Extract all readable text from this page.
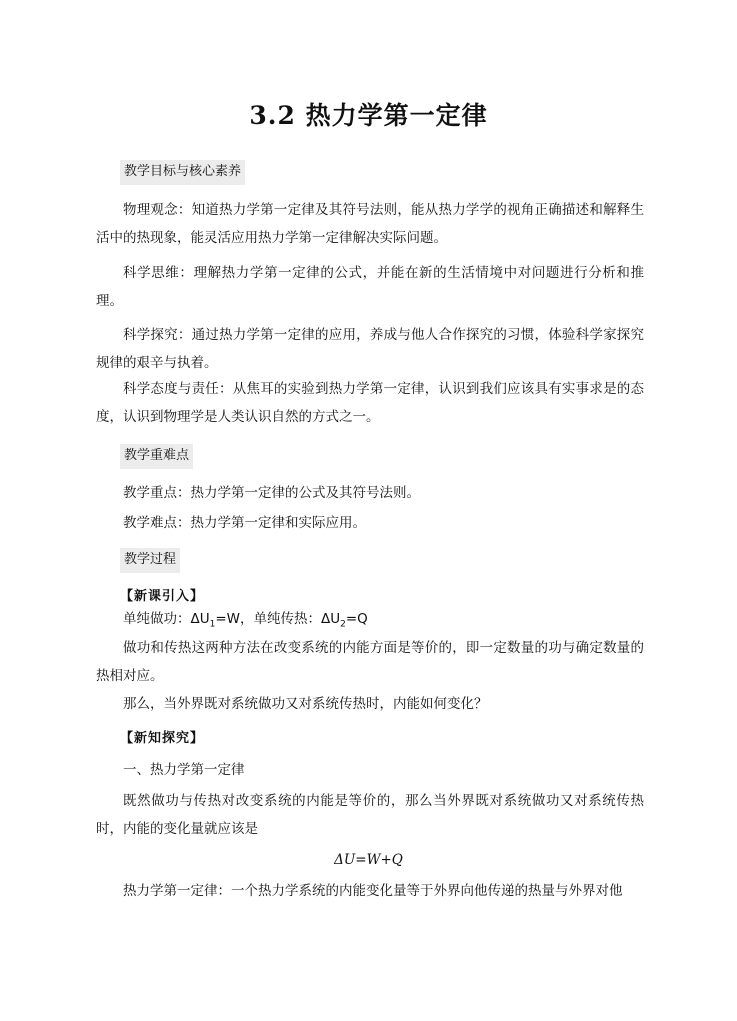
3.2 热力学第一定律
教学目标与核心素养

物理观念：知道热力学第一定律及其符号法则，能从热力学学的视角正确描述和解释生活中的热现象，能灵活应用热力学第一定律解决实际问题。

科学思维：理解热力学第一定律的公式，并能在新的生活情境中对问题进行分析和推理。

科学探究：通过热力学第一定律的应用，养成与他人合作探究的习惯，体验科学家探究规律的艰辛与执着。

科学态度与责任：从焦耳的实验到热力学第一定律，认识到我们应该具有实事求是的态度，认识到物理学是人类认识自然的方式之一。

教学重难点

教学重点：热力学第一定律的公式及其符号法则。

教学难点：热力学第一定律和实际应用。

教学过程
【新课引入】

单纯做功：$\Delta U_1=W$，单纯传热：$\Delta U_2=Q$

做功和传热这两种方法在改变系统的内能方面是等价的，即一定数量的功与确定数量的热相对应。

那么，当外界既对系统做功又对系统传热时，内能如何变化？

【新知探究】

一、热力学第一定律

既然做功与传热对改变系统的内能是等价的，那么当外界既对系统做功又对系统传热时，内能的变化量就应该是

ΔU=W+Q

热力学第一定律：一个热力学系统的内能变化量等于外界向他传递的热量与外界对他
